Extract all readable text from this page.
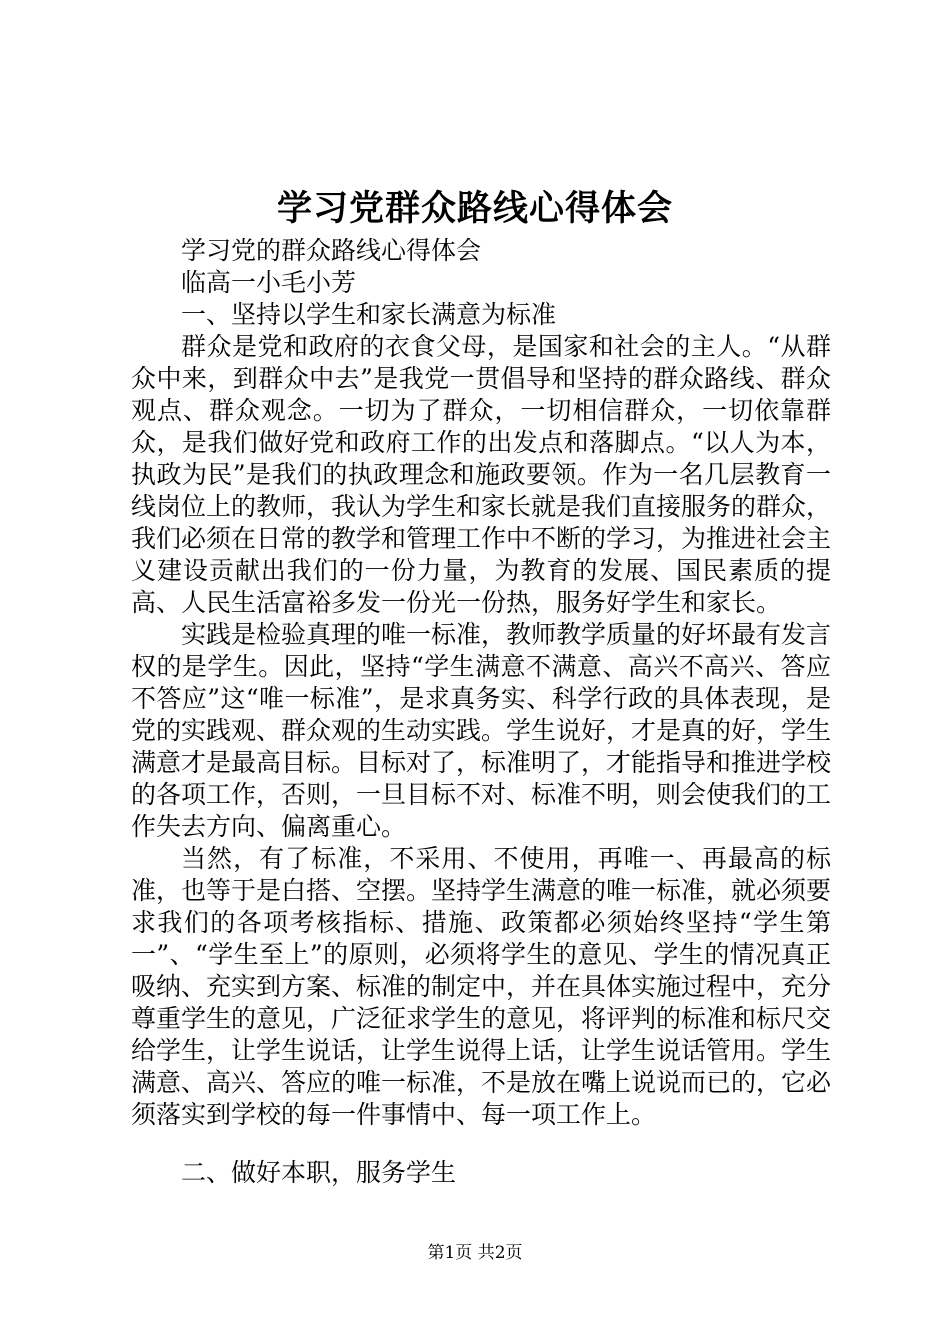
学习党群众路线心得体会

学习党的群众路线心得体会

临高一小毛小芳

一、坚持以学生和家长满意为标准

群众是党和政府的衣食父母，是国家和社会的主人。“从群众中来，到群众中去”是我党一贯倡导和坚持的群众路线、群众观点、群众观念。一切为了群众，一切相信群众，一切依靠群众，是我们做好党和政府工作的出发点和落脚点。“以人为本，执政为民”是我们的执政理念和施政要领。作为一名几层教育一线岗位上的教师，我认为学生和家长就是我们直接服务的群众，我们必须在日常的教学和管理工作中不断的学习，为推进社会主义建设贡献出我们的一份力量，为教育的发展、国民素质的提高、人民生活富裕多发一份光一份热，服务好学生和家长。

实践是检验真理的唯一标准，教师教学质量的好坏最有发言权的是学生。因此，坚持“学生满意不满意、高兴不高兴、答应不答应”这“唯一标准”，是求真务实、科学行政的具体表现，是党的实践观、群众观的生动实践。学生说好，才是真的好，学生满意才是最高目标。目标对了，标准明了，才能指导和推进学校的各项工作，否则，一旦目标不对、标准不明，则会使我们的工作失去方向、偏离重心。

当然，有了标准，不采用、不使用，再唯一、再最高的标准，也等于是白搭、空摆。坚持学生满意的唯一标准，就必须要求我们的各项考核指标、措施、政策都必须始终坚持“学生第一”、“学生至上”的原则，必须将学生的意见、学生的情况真正吸纳、充实到方案、标准的制定中，并在具体实施过程中，充分尊重学生的意见，广泛征求学生的意见，将评判的标准和标尺交给学生，让学生说话，让学生说得上话，让学生说话管用。学生满意、高兴、答应的唯一标准，不是放在嘴上说说而已的，它必须落实到学校的每一件事情中、每一项工作上。

二、做好本职，服务学生

第1页 共2页
